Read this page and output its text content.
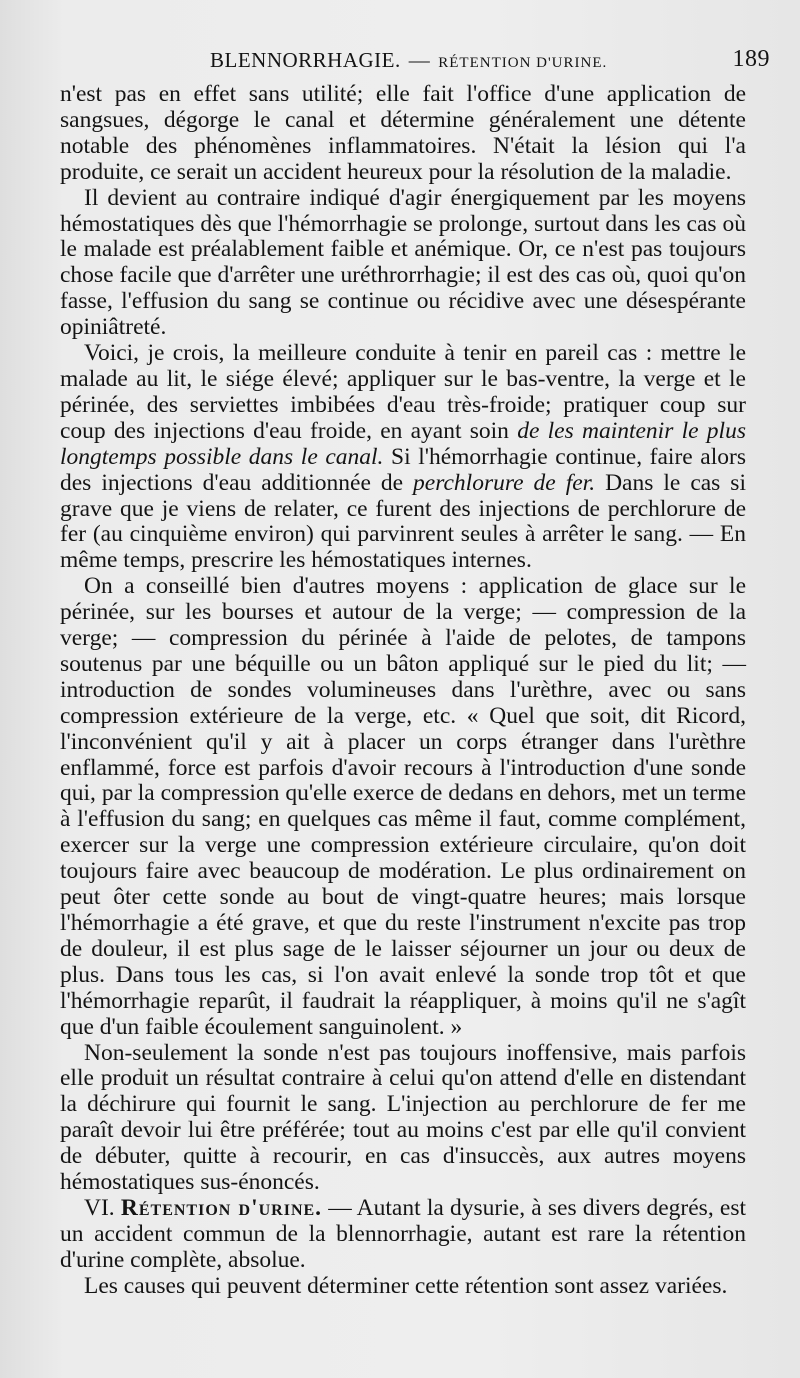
BLENNORRHAGIE. — RÉTENTION D'URINE.	189

n'est pas en effet sans utilité; elle fait l'office d'une application de sangsues, dégorge le canal et détermine généralement une détente notable des phénomènes inflammatoires. N'était la lésion qui l'a produite, ce serait un accident heureux pour la résolution de la maladie.

Il devient au contraire indiqué d'agir énergiquement par les moyens hémostatiques dès que l'hémorrhagie se prolonge, surtout dans les cas où le malade est préalablement faible et anémique. Or, ce n'est pas toujours chose facile que d'arrêter une uréthrorrhagie; il est des cas où, quoi qu'on fasse, l'effusion du sang se continue ou récidive avec une désespérante opiniâtreté.

Voici, je crois, la meilleure conduite à tenir en pareil cas : mettre le malade au lit, le siége élevé; appliquer sur le bas-ventre, la verge et le périnée, des serviettes imbibées d'eau très-froide; pratiquer coup sur coup des injections d'eau froide, en ayant soin de les maintenir le plus longtemps possible dans le canal. Si l'hémorrhagie continue, faire alors des injections d'eau additionnée de perchlorure de fer. Dans le cas si grave que je viens de relater, ce furent des injections de perchlorure de fer (au cinquième environ) qui parvinrent seules à arrêter le sang. — En même temps, prescrire les hémostatiques internes.

On a conseillé bien d'autres moyens : application de glace sur le périnée, sur les bourses et autour de la verge; — compression de la verge; — compression du périnée à l'aide de pelotes, de tampons soutenus par une béquille ou un bâton appliqué sur le pied du lit; — introduction de sondes volumineuses dans l'urèthre, avec ou sans compression extérieure de la verge, etc. « Quel que soit, dit Ricord, l'inconvénient qu'il y ait à placer un corps étranger dans l'urèthre enflammé, force est parfois d'avoir recours à l'introduction d'une sonde qui, par la compression qu'elle exerce de dedans en dehors, met un terme à l'effusion du sang; en quelques cas même il faut, comme complément, exercer sur la verge une compression extérieure circulaire, qu'on doit toujours faire avec beaucoup de modération. Le plus ordinairement on peut ôter cette sonde au bout de vingt-quatre heures; mais lorsque l'hémorrhagie a été grave, et que du reste l'instrument n'excite pas trop de douleur, il est plus sage de le laisser séjourner un jour ou deux de plus. Dans tous les cas, si l'on avait enlevé la sonde trop tôt et que l'hémorrhagie reparût, il faudrait la réappliquer, à moins qu'il ne s'agît que d'un faible écoulement sanguinolent. »

Non-seulement la sonde n'est pas toujours inoffensive, mais parfois elle produit un résultat contraire à celui qu'on attend d'elle en distendant la déchirure qui fournit le sang. L'injection au perchlorure de fer me paraît devoir lui être préférée; tout au moins c'est par elle qu'il convient de débuter, quitte à recourir, en cas d'insuccès, aux autres moyens hémostatiques sus-énoncés.

VI. Rétention d'urine. — Autant la dysurie, à ses divers degrés, est un accident commun de la blennorrhagie, autant est rare la rétention d'urine complète, absolue.

Les causes qui peuvent déterminer cette rétention sont assez variées.
